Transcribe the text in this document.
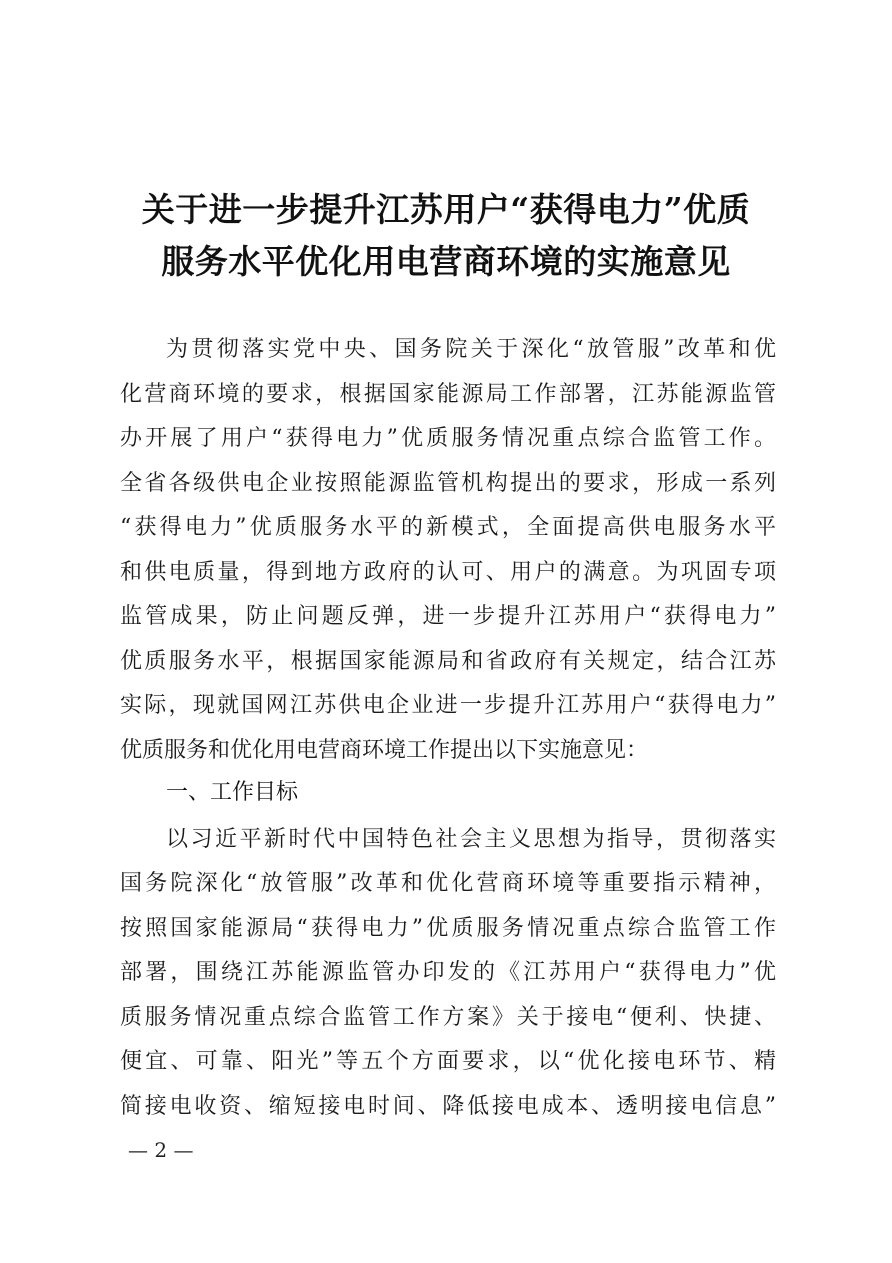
关于进一步提升江苏用户“获得电力”优质
服务水平优化用电营商环境的实施意见
为贯彻落实党中央、国务院关于深化“放管服”改革和优
化营商环境的要求，根据国家能源局工作部署，江苏能源监管
办开展了用户“获得电力”优质服务情况重点综合监管工作。
全省各级供电企业按照能源监管机构提出的要求，形成一系列
“获得电力”优质服务水平的新模式，全面提高供电服务水平
和供电质量，得到地方政府的认可、用户的满意。为巩固专项
监管成果，防止问题反弹，进一步提升江苏用户“获得电力”
优质服务水平，根据国家能源局和省政府有关规定，结合江苏
实际，现就国网江苏供电企业进一步提升江苏用户“获得电力”
优质服务和优化用电营商环境工作提出以下实施意见：
一、工作目标
以习近平新时代中国特色社会主义思想为指导，贯彻落实
国务院深化“放管服”改革和优化营商环境等重要指示精神，
按照国家能源局“获得电力”优质服务情况重点综合监管工作
部署，围绕江苏能源监管办印发的《江苏用户“获得电力”优
质服务情况重点综合监管工作方案》关于接电“便利、快捷、
便宜、可靠、阳光”等五个方面要求，以“优化接电环节、精
简接电收资、缩短接电时间、降低接电成本、透明接电信息”
— 2 —
